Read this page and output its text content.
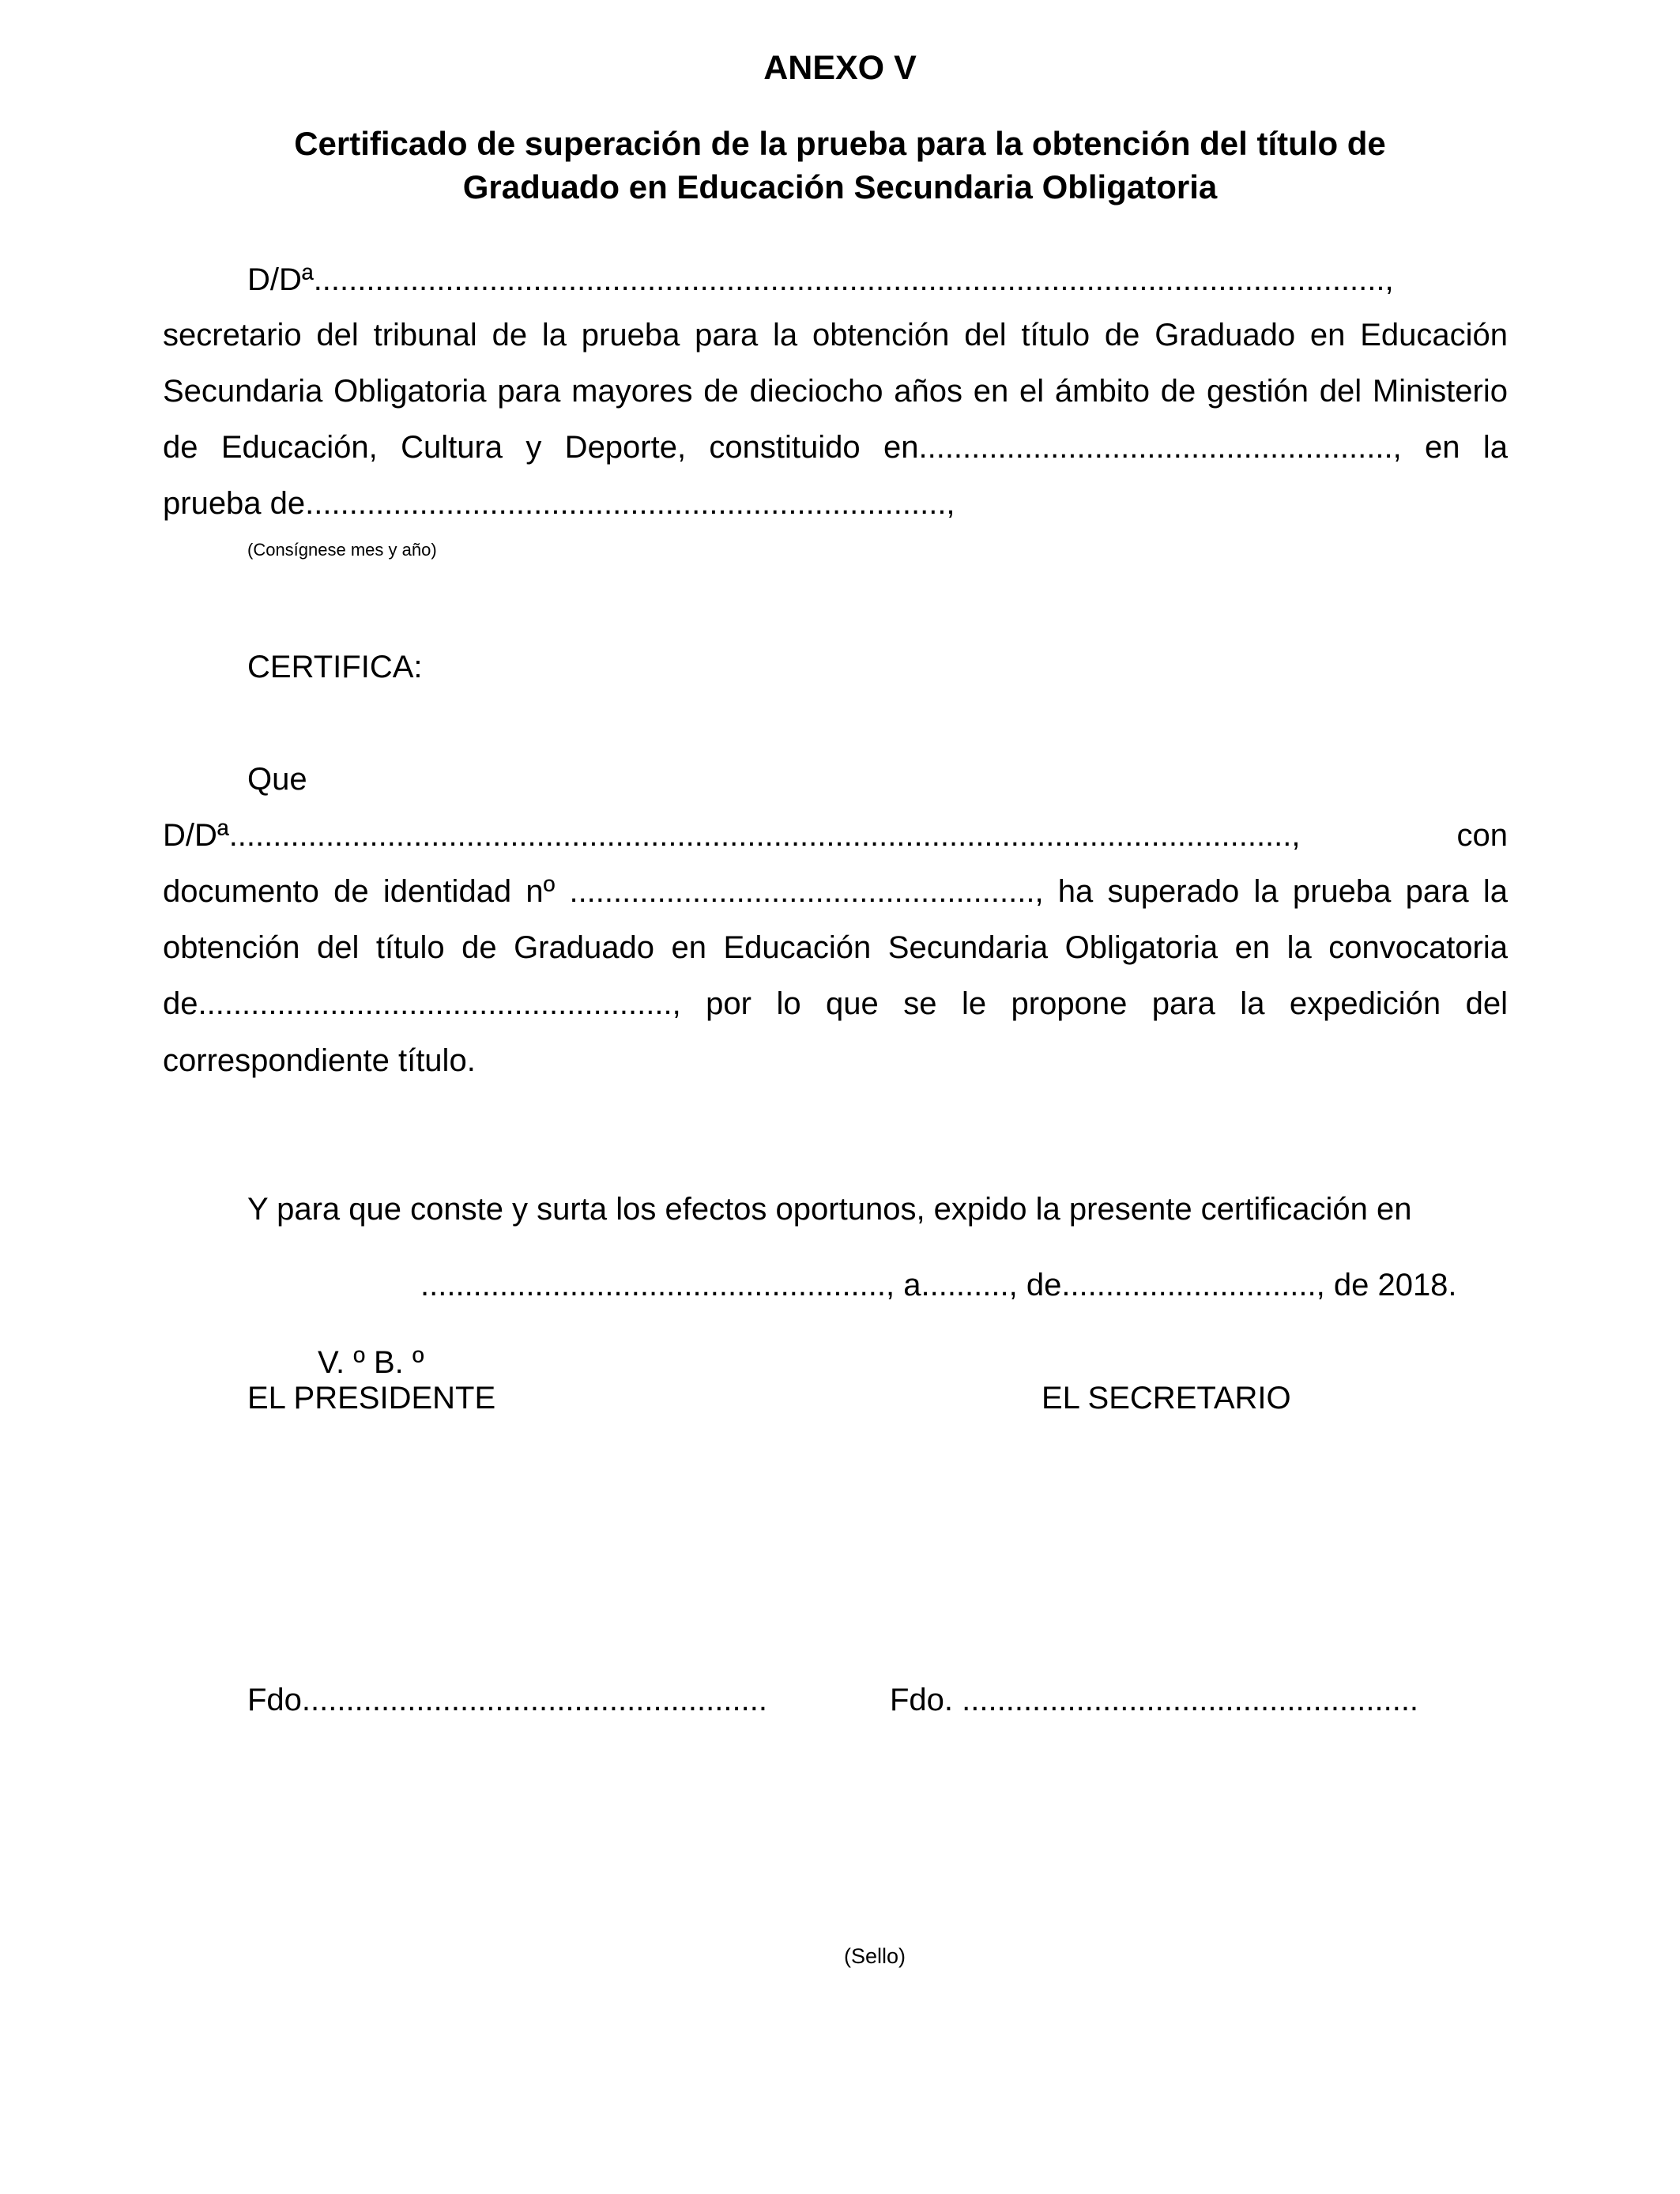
ANEXO V
Certificado de superación de la prueba para la obtención del título de
Graduado en Educación Secundaria Obligatoria
D/Dª..........................................................................................................................,
secretario del tribunal de la prueba para la obtención del título de Graduado en Educación
Secundaria Obligatoria para mayores de dieciocho años en el ámbito de gestión del Ministerio
de Educación, Cultura y Deporte, constituido en......................................................, en la
prueba de.........................................................................,
(Consígnese mes y año)
CERTIFICA:
Que
D/Dª........................................................................................................................., con
documento de identidad nº ....................................................., ha superado la prueba para la
obtención del título de Graduado en Educación Secundaria Obligatoria en la convocatoria
de......................................................, por lo que se le propone para la expedición del
correspondiente título.
Y para que conste y surta los efectos oportunos, expido la presente certificación en
....................................................., a.........., de............................., de 2018.
V. º B. º
EL PRESIDENTE	EL SECRETARIO
Fdo.....................................................	Fdo. ....................................................
(Sello)
